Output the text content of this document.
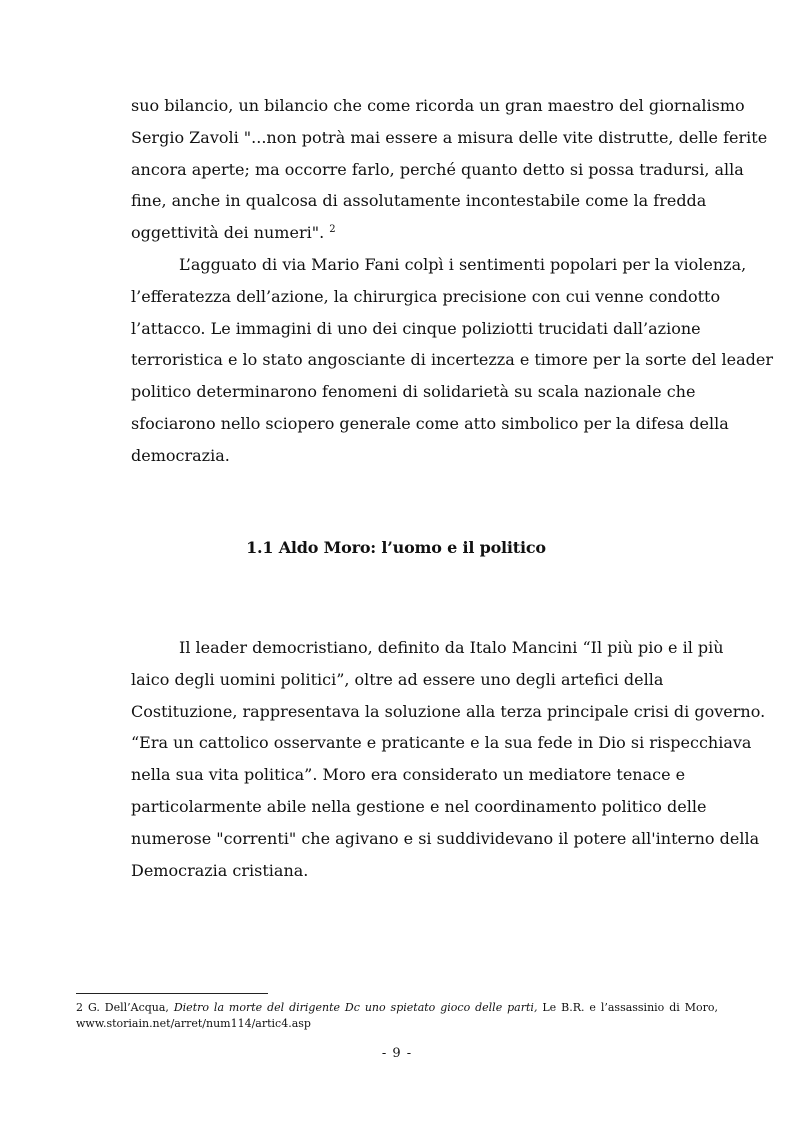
suo bilancio, un bilancio che come ricorda un gran maestro del giornalismo
Sergio Zavoli "...non potrà mai essere a misura delle vite distrutte, delle ferite
ancora aperte; ma occorre farlo, perché quanto detto si possa tradursi, alla
fine, anche in qualcosa di assolutamente incontestabile come la fredda
oggettività dei numeri". $^2$

L’agguato di via Mario Fani colpì i sentimenti popolari per la violenza,
l’efferatezza dell’azione, la chirurgica precisione con cui venne condotto
l’attacco. Le immagini di uno dei cinque poliziotti trucidati dall’azione
terroristica e lo stato angosciante di incertezza e timore per la sorte del leader
politico determinarono fenomeni di solidarietà su scala nazionale che
sfociarono nello sciopero generale come atto simbolico per la difesa della
democrazia.

1.1 Aldo Moro: l’uomo e il politico

Il leader democristiano, definito da Italo Mancini “Il più pio e il più
laico degli uomini politici”, oltre ad essere uno degli artefici della
Costituzione, rappresentava la soluzione alla terza principale crisi di governo.
“Era un cattolico osservante e praticante e la sua fede in Dio si rispecchiava
nella sua vita politica”. Moro era considerato un mediatore tenace e
particolarmente abile nella gestione e nel coordinamento politico delle
numerose "correnti" che agivano e si suddividevano il potere all'interno della
Democrazia cristiana.

2 G. Dell’Acqua, Dietro la morte del dirigente Dc uno spietato gioco delle parti, Le B.R. e l’assassinio di Moro,
www.storiain.net/arret/num114/artic4.asp

- 9 -
